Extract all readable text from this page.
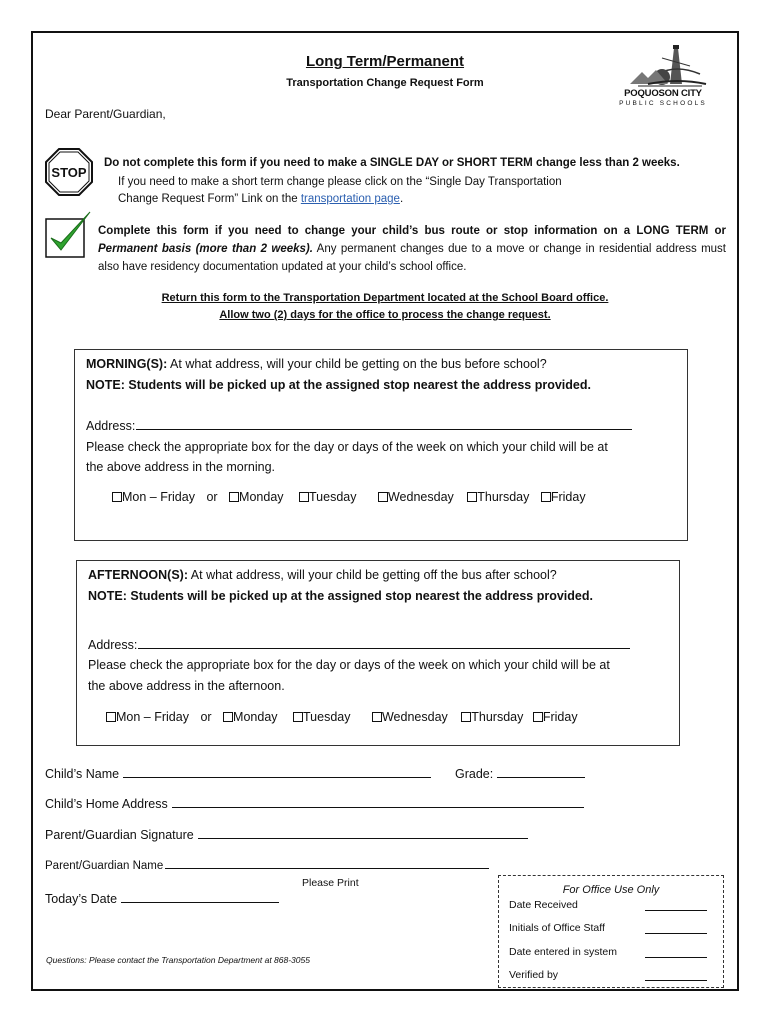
Long Term/Permanent
Transportation Change Request Form
POQUOSON CITY
PUBLIC SCHOOLS
Dear Parent/Guardian,
STOP
Do not complete this form if you need to make a SINGLE DAY or SHORT TERM change less than 2 weeks.
If you need to make a short term change please click on the “Single Day Transportation
Change Request Form” Link on the transportation page.
Complete this form if you need to change your child’s bus route or stop information on a LONG TERM or Permanent basis (more than 2 weeks). Any permanent changes due to a move or change in residential address must also have residency documentation updated at your child’s school office.
Return this form to the Transportation Department located at the School Board office.
Allow two (2) days for the office to process the change request.
MORNING(S): At what address, will your child be getting on the bus before school?
NOTE: Students will be picked up at the assigned stop nearest the address provided.
Address:
Please check the appropriate box for the day or days of the week on which your child will be at
the above address in the morning.
Mon – Friday or Monday Tuesday	Wednesday Thursday Friday
AFTERNOON(S): At what address, will your child be getting off the bus after school?
NOTE: Students will be picked up at the assigned stop nearest the address provided.
Address:
Please check the appropriate box for the day or days of the week on which your child will be at
the above address in the afternoon.
Mon – Friday or Monday Tuesday	Wednesday Thursday Friday
Child’s Name	Grade:
Child’s Home Address
Parent/Guardian Signature
Parent/Guardian Name
Please Print
Today’s Date
For Office Use Only
Date Received
Initials of Office Staff
Date entered in system
Verified by
Questions: Please contact the Transportation Department at 868-3055
